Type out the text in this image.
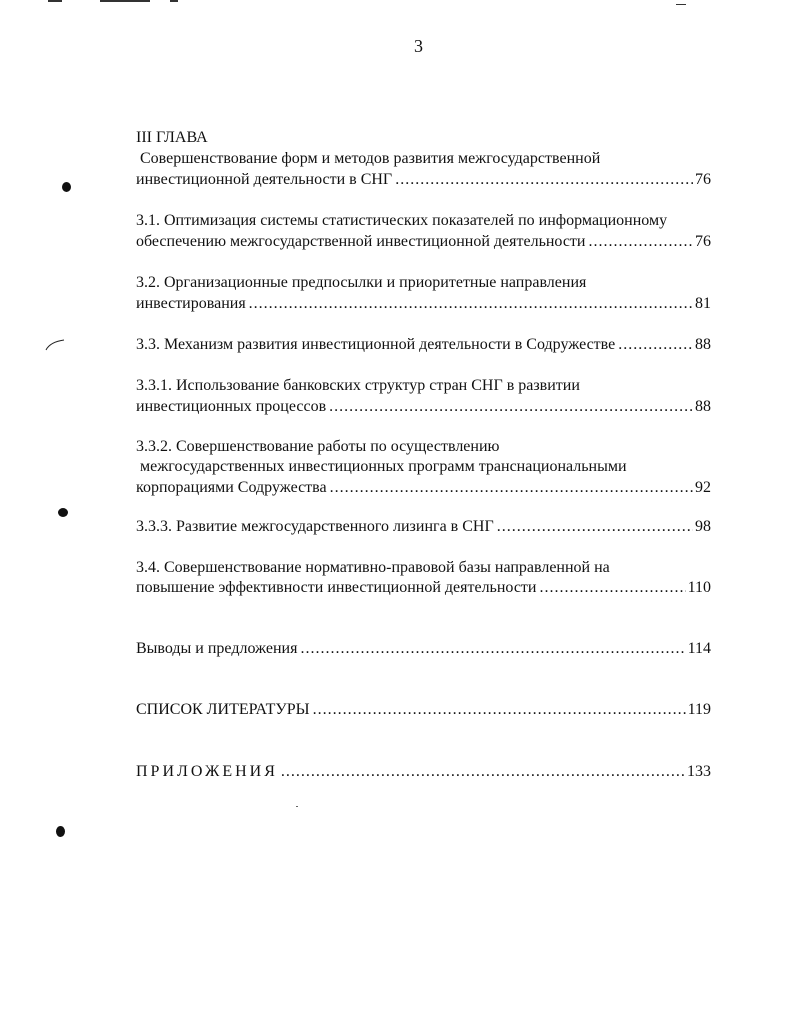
3
III ГЛАВА
Совершенствование форм и методов развития межгосударственной
инвестиционной деятельности в СНГ .....	76
3.1. Оптимизация системы статистических показателей по информационному
обеспечению межгосударственной инвестиционной деятельности .....	76
3.2. Организационные предпосылки и приоритетные направления
инвестирования .....	81
3.3. Механизм развития инвестиционной деятельности в Содружестве .....	88
3.3.1. Использование банковских структур стран СНГ в развитии
инвестиционных процессов .....	88
3.3.2. Совершенствование работы по осуществлению
межгосударственных инвестиционных программ транснациональными
корпорациями Содружества .....	92
3.3.3. Развитие межгосударственного лизинга в СНГ .....	98
3.4. Совершенствование нормативно-правовой базы направленной на
повышение эффективности инвестиционной деятельности .....	110
Выводы и предложения .....	114
СПИСОК ЛИТЕРАТУРЫ .....	119
ПРИЛОЖЕНИЯ .....	133
